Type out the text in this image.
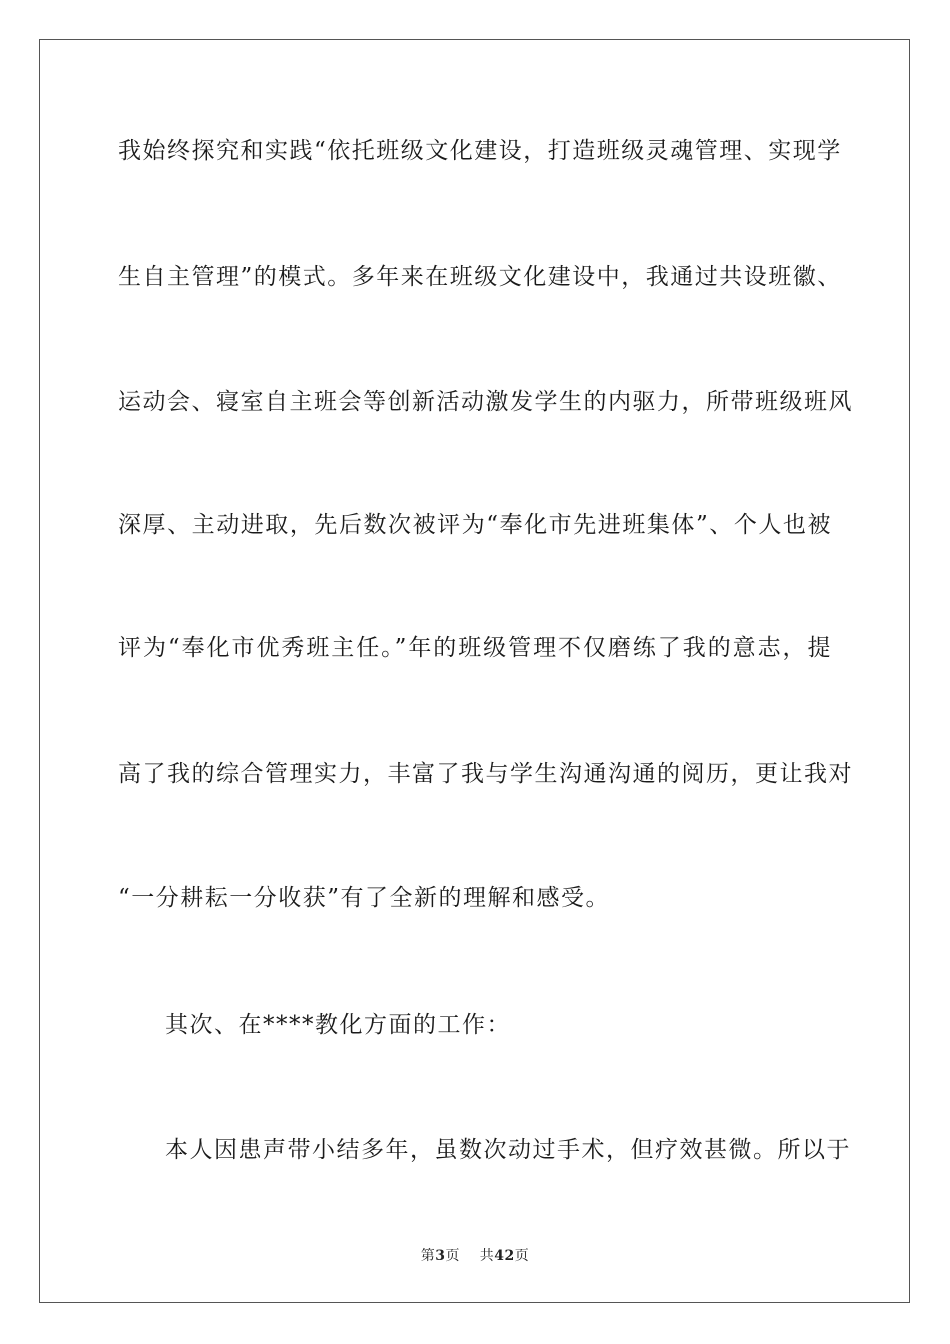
我始终探究和实践“依托班级文化建设，打造班级灵魂管理、实现学
生自主管理”的模式。多年来在班级文化建设中，我通过共设班徽、
运动会、寝室自主班会等创新活动激发学生的内驱力，所带班级班风
深厚、主动进取，先后数次被评为“奉化市先进班集体”、个人也被
评为“奉化市优秀班主任。”年的班级管理不仅磨练了我的意志，提
高了我的综合管理实力，丰富了我与学生沟通沟通的阅历，更让我对
“一分耕耘一分收获”有了全新的理解和感受。
其次、在****教化方面的工作：
本人因患声带小结多年，虽数次动过手术，但疗效甚微。所以于
第3页 共42页
